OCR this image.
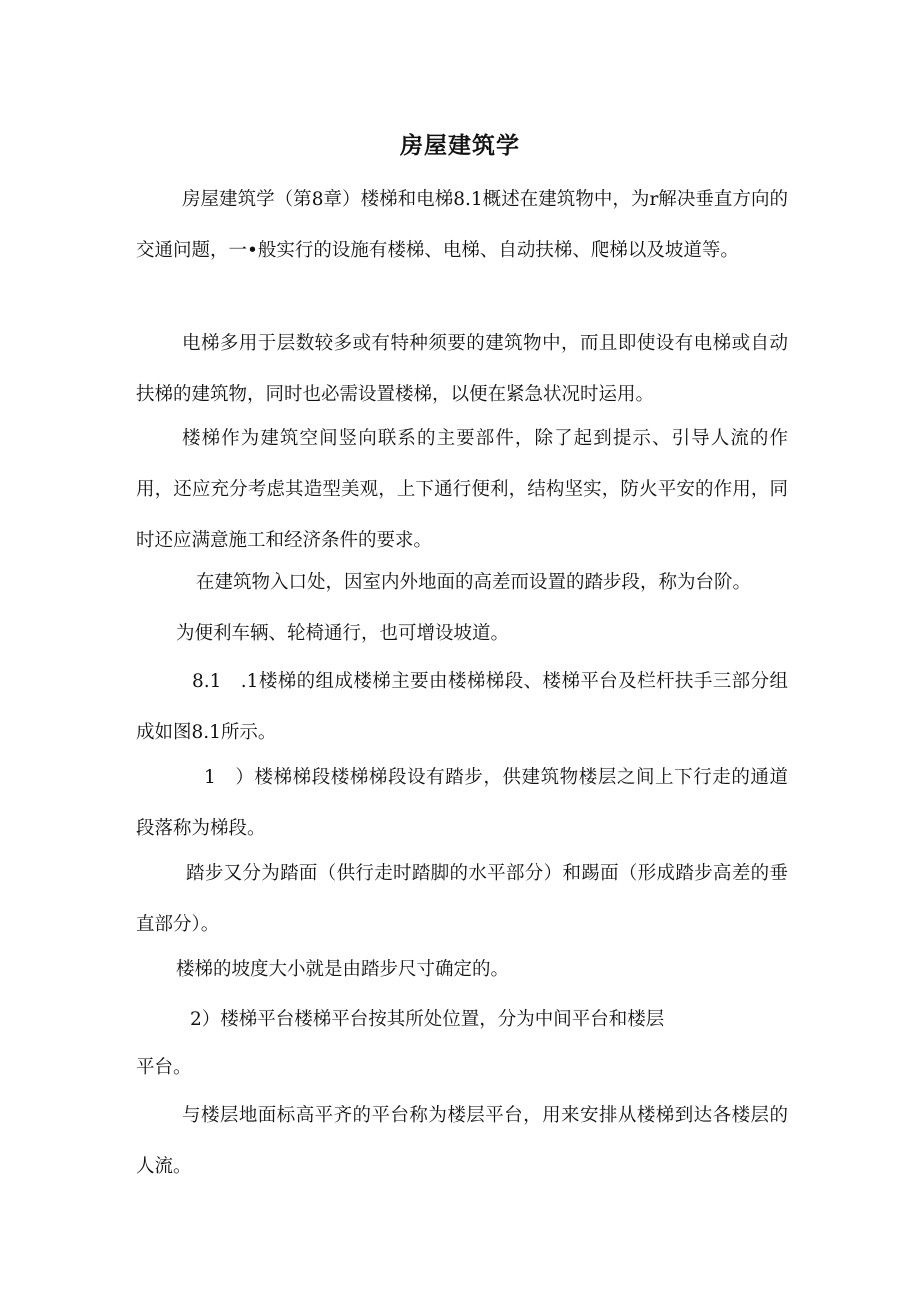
房屋建筑学

房屋建筑学（第8章）楼梯和电梯8.1概述在建筑物中，为r解决垂直方向的交通问题，一•般实行的设施有楼梯、电梯、自动扶梯、爬梯以及坡道等。

电梯多用于层数较多或有特种须要的建筑物中，而且即使设有电梯或自动扶梯的建筑物，同时也必需设置楼梯，以便在紧急状况时运用。

楼梯作为建筑空间竖向联系的主要部件，除了起到提示、引导人流的作用，还应充分考虑其造型美观，上下通行便利，结构坚实，防火平安的作用，同时还应满意施工和经济条件的要求。

在建筑物入口处，因室内外地面的高差而设置的踏步段，称为台阶。

为便利车辆、轮椅通行，也可增设坡道。

8.1　.1楼梯的组成楼梯主要由楼梯梯段、楼梯平台及栏杆扶手三部分组成如图8.1所示。

1　）楼梯梯段楼梯梯段设有踏步，供建筑物楼层之间上下行走的通道段落称为梯段。

踏步又分为踏面（供行走时踏脚的水平部分）和踢面（形成踏步高差的垂直部分）。

楼梯的坡度大小就是由踏步尺寸确定的。

2）楼梯平台楼梯平台按其所处位置，分为中间平台和楼层

平台。

与楼层地面标高平齐的平台称为楼层平台，用来安排从楼梯到达各楼层的人流。
